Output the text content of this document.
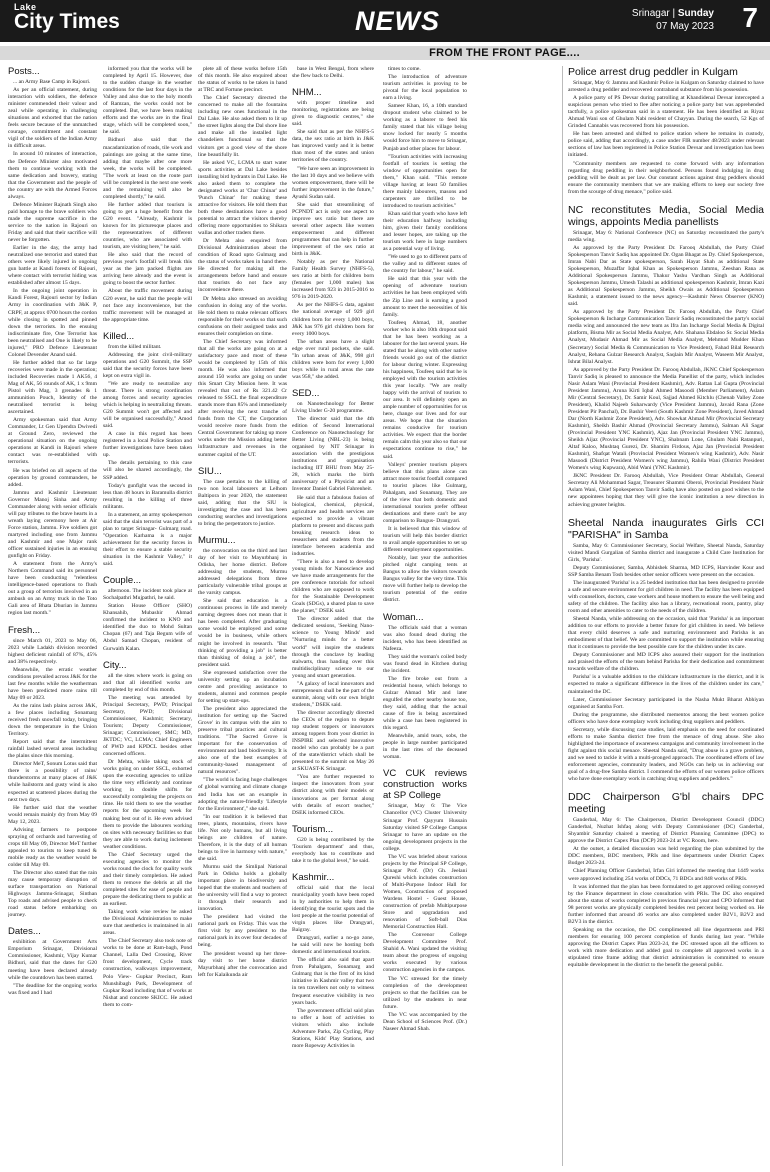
Lake
City Times	NEWS	Srinagar | Sunday
07 May 2023 7
FROM THE FRONT PAGE....
Posts...

... an Army Base Camp in Rajouri.

As per an official statement, during interaction with soldiers, the defence minister commended their valour and zeal while operating in challenging situations and exhorted that the nation feels secure because of the unmatched courage, commitment and constant vigil of the soldiers of the Indian Army in difficult areas.

In around 10 minutes of interaction, the Defence Minister also motivated them to continue working with the same dedication and bravery, stating that the Government and the people of the country are with the Armed Forces always.

Defence Minister Rajnath Singh also paid homage to the brave soldiers who made the supreme sacrifice in the service to the nation in Rajouri on Friday and said that their sacrifice will never be forgotten.

Earlier in the day, the army had neutralized one terrorist and stated that others were likely injured in ongoing gun battle at Kandi forests of Rajouri, where contact with terrorist hiding was established after almost 15 days.

In the ongoing joint operation in Kandi Forest, Rajouri sector by Indian Army in coordination with J&K P, CRPF, at approx 0700 hours the cordon while closing in spotted and pinned down the terrorists. In the ensuing indiscriminate fire, One Terrorist has been neutralised and One is likely to be injured," PRO Defence Lieutenant Colonel Devender Anand said.

He further added that so far large recoveries were made in the operation; included Recoveries made 1 AK56, 4 Mag of AK, 56 rounds of AK, 1 x 9mm Pistol with Mag, 3 grenades & 1 ammunition Pouch, Identity of the neutralised terrorist is being ascertained.

Army spokesman said that Army Commander, Lt Gen Upendra Dwivedi at Ground Zero, reviewed the operational situation on the ongoing operations at Kandi in Rajouri where contact was re-established with terrorists.

He was briefed on all aspects of the operation by ground commanders, he added.

Jammu and Kashmir Lieutenant Governor Manoj Sinha and Army Commander along with senior officials will pay tributes to the brave hearts in a wreath laying ceremony here at Air Force station, Jammu. Five soldiers got martyred including one from Jammu and Kashmir and one Major rank officer sustained injuries in an ensuing gunfight on Friday.

A statement from the Army's Northern Command said its personnel have been conducting "relentless intelligence-based operations to flush out a group of terrorists involved in an ambush on an Army truck in the Toto Gali area of Bhata Dhurian in Jammu region last month."

Fresh...

since March 01, 2023 to May 06, 2023 while Ladakh division recorded highest deficient rainfall of 87%, 45% and 38% respectively.

Meanwhile, the erratic weather conditions prevailed across J&K for the last few months while the weatherman have been predicted more rains till May 09 or 2023.

As the rains lash plains across J&K, a few places including Sonamarg received fresh snowfall today, bringing down the temperature in the Union Territory.

Report said that the intermittent rainfall lashed several areas including the plains since this morning.

Director MeT, Sonum Lotus said that there is a possibility of rains/ thunderstorms at many places of J&K while hailstorm and gusty wind is also expected at scattered places during the next two days.

He further said that the weather would remain mainly dry from May 09 May 12, 2023.

Advising farmers to postpone spraying of orchards and harvesting of crops till May 09, Director MeT further appealed to tourists to keep tuned & mobile ready as the weather would be colder till May 09.

The Director also stated that the rain may cause temporary disruption of surface transportation on National Highways Jammu-Srinagar, Sinthan Top roads and advised people to check road status before embarking on journey.

Dates...

exhibition at Government Arts Emporium Srinagar, Divisional Commissioner, Kashmir, Vijay Kumar Bidhuri, said that the dates for G20 meeting have been declared already while the countdown has been started.

"The deadline for the ongoing works was fixed and I had

informed you that the works will be completed by April 15. However, due to the sudden change in the weather conditions for the last four days in the Valley and also due to the holy month of Ramzan, the works could not be completed. But, we have been making efforts and the works are in the final stage, which will be completed soon," he said.

Bidhuri also said that the macadamization of roads, tile work and paintings are going at the same time, adding that maybe after one more week, the works will be completed. "The work at least on the route part will be completed in the next one week and the remaining will also be completed shortly," he said.

He further added that tourism is going to get a huge benefit from the G20 event. "Already, Kashmir is known for its picturesque places and the representatives of different countries, who are associated with tourism, are visiting here," he said.

He also said that the record of previous year's footfall will break this year as the jam packed flights are arriving here already and the event is going to boost the sector further.

About the traffic movement during G20 event, he said that the people will not face any inconvenience, but the traffic movement will be managed at the appropriate time.

Killed...

from the killed militant.

Addressing the joint civil-military operations and G20 Summit, the SSP said that the security forces have been kept on extra vigil in.

"We are ready to neutralize any threat. There is strong coordination among forces and security agencies which is helping in neutralizing threats. G20 Summit won't get affected and will be organised successfully," Amod said.

A case in this regard has been registered in a local Police Station and further investigations have been taken up.

The details pertaining to this case will also be shared accordingly, the SSP added.

Today's gunfight was the second in less than 48 hours in Baramulla district resulting in the killing of three militants.

In a statement, an army spokesperson said that the slain terrorist was part of a plan to target Srinagar- Gulmarg road. "Operation Karhama is a major achievement for the security forces in their effort to ensure a stable security situation in the Kashmir Valley," it said.

Couple...

afternoon. The incident took place at Sochalpathri Mujpathri, he said.

Station House Officer (SHO) Khansahib, Mubashir Ahmad confirmed the incident to KNO and identified the duo to Mohd Sultan Chopan (67) and Taja Begum wife of Abdul Samad Chopan, resident of Gurwaith Kalan.

City...

all the sites where work is going on and that all identified works are completed by end of this month.

The meeting was attended by Principal Secretary, PWD; Principal Secretary, PWD; Divisional Commissioner, Kashmir; Secretary, Tourism; Deputy Commissioner, Srinagar; Commissioner, SMC; MD, JKTDC; VC, LCMA; Chief Engineers of PWD and KPDCL besides other concerned officers.

Dr Mehta, while taking stock of works going on under SSCL, exhorted upon the executing agencies to utilize the time very efficiently and continue working in double shifts for successfully completing the projects on time. He told them to see the weather reports for the upcoming week for making best out of it. He even advised them to provide the labourers working on sites with necessary facilities so that they are able to work during inclement weather conditions.

The Chief Secretary urged the executing agencies to monitor the works round the clock for quality work and their timely completion. He asked them to remove the debris at all the completed sites for ease of people and prepare the dedicating them to public at an earliest.

Taking work wise review he asked the Divisional Administration to make sure that aesthetics is maintained in all areas.

The Chief Secretary also took note of works to be done at Ram-bagh, Pond Channel, Lalla Ded Crossing, River front development, Cycle track construction, walkways improvement, Polo View- Gupkar Precinct, Ram Munshibagh Park, Development of Gupkar Road including that of works at Nishat and concrete SKICC. He asked them to com-

plete all of these works before 15th of this month. He also enquired about the status of works to be taken in hand at TRC and Fortune precinct.

The Chief Secretary directed the concerned to make all the fountains including new ones functional in the Dal Lake. He also asked them to lit up the street lights along the Dal shore line and make all the installed light chandeliers functional so that the visitors get a good view of the shore line beautifully lit.

He asked VC, LCMA to start water sports activities at Dal Lake besides installing bird hydrants in Dal Lake. He also asked them to complete the designated works at 'Char Chinar' and 'Punch Chinar' for making these attractive for visitors. He told them that both these destinations have a good potential to attract the visitors thereby offering more opportunities to Shikara wallas and other traders there.

Dr Mehta also enquired from Divisional Administration about the condition of Road upto Gulmarg and the status of works taken in hand there. He directed for making all the arrangements before hand and ensure that tourists do not face any inconvenience there.

Dr Mehta also stressed on avoiding confusion in doing any of the works. He told them to make relevant officers responsible for their works so that such confusions on their assigned tasks and ensures their completion on time.

The Chief Secretary was informed that all the works are going on at a satisfactory pace and most of these would be completed by 15th of this month. He was also informed that around 150 works are going on under this Smart City Mission here. It was revealed that out of Rs 321.42 Cr released to SSCL the final expenditure stands more than 85% and immediately after receiving the next tranche of funds from the CT, the Corporation would receive more funds from the Central Government for taking up more works under the Mission adding better infrastructure and revenues in the summer capital of the UT.

SIU...

The case pertains to the killing of two non local labourers at Lelhom Baltipora in year 2020, the statement said, adding that the SIU is investigating the case and has been conducting searches and investigations to bring the perpetrators to justice.

Murmu...

the convocation on the third and last day of her visit to Mayurbhanj in Odisha, her home district. Before addressing the students, Murmu addressed delegations from three particularly vulnerable tribal groups at the varsity campus.

She said that education is a continuous process in life and merely earning degrees does not mean that it has been completed. After graduating some would be employed and some would be in business, while others might be involved in research. "But thinking of providing a job" is better than thinking of doing a job", the president said.

She expressed satisfaction over the university setting up an incubation centre and providing assistance to students, alumni and common people for setting up start-ups.

The president also appreciated the institution for setting up the 'Sacred Grove' in its campus with the aim to preserve tribal practices and cultural traditions. "The Sacred Grove is important for the conservation of environment and land biodiversity. It is also one of the best examples of community-based management of natural resources".

"The world is facing huge challenges of global warming and climate change and India has set an example in adopting the nature-friendly 'Lifestyle for the Environment'," she said.

"In our tradition it is believed that trees, plants, mountains, rivers have life. Not only humans, but all living beings are children of nature. Therefore, it is the duty of all human beings to live in harmony with nature," she said.

Murmu said the Simlipal National Park in Odisha holds a globally important place in biodiversity and hoped that the students and teachers of the university will find a way to protect it through their research and innovation.

The president had visited the national park on Friday. This was the first visit by any president to the national park in its over four decades of being.

The president wound up her three-day visit to her home district Mayurbhanj after the convocation and left for Kalaikunda air

base in West Bengal, from where she flew back to Delhi.

NHM...

with proper timeline and monitoring, registrations are being given to diagnostic centres," she said.

She said that as per the NHFS-5 data, the sex ratio at birth in J&K has improved vastly and it is better than most of the states and union territories of the country.

"We have seen an improvement in the last 10 days and we believe with women empowerment, there will be further improvement in the future," Ayushi Sudan said.

She said that streamlining of PCPNDT act is only one aspect to improve sex ratio but there are several other aspects like women empowerment and different programmes that can help in further improvement of the sex ratio at birth in J&K.

Notably as per the National Family Health Survey (NHFS-5), sex ratio at birth for children born (females per 1,000 males) has increased from 923 in 2015-2016 to 976 in 2019-2020.

As per the NHFS-5 data, against the national average of 929 girl children born for every 1,000 boys, J&K has 976 girl children born for every 1000 boys.

The urban areas have a slight edge over rural pockets, she said. "In urban areas of J&K, 998 girl children were born for every 1,000 boys while in rural areas the rate was 958," she added.

SED...

on Nanotechnology for Better Living Under G-20 programme.

The director said that the 4th edition of Second International Conference on Nanotechnology for Better Living (NBL-23) is being organised by NIT Srinagar in association with the prestigious institutions and organisation including IIT BHU from May 25-28, which marks the birth anniversary of a Physicist and an Inventor Daniel Gabriel Fahrenheit.

He said that a fabulous fusion of biological, chemical, physical, agriculture and health services are expected to provide a vibrant platform to present and discuss path breaking research ideas to researchers and students from the interface between academia and industries.

"There is also a need to develop young minds for Nanoscience and we have made arrangements for the pre conference tutorials for school children who are supposed to work for the Sustainable Development Goals (SDGs), a shared plan to save the planet," DSEK said.

The director added that the dedicated sessions, 'Seeking Nano-science to Young Minds' and "Nurturing minds for a better world" will inspire the students through the conclave by leading stalwarts, thus handing over this multidisciplinary science to our young and smart generation.

"A galaxy of local innovators and entrepreneurs shall be the part of the summit, along with our own bright students," DSEK said.

The director accordingly directed the CEOs of the region to depute top student toppers or innovators among toppers from your district in INSPIRE and selected innovative model who can probably be a part of the state/district which shall be presented to the summit on May 26 at SKUAST-K Srinagar.

"You are further requested to inspect the innovators from your district along with their models or innovations as per format along with details of escort teacher," DSEK informed CEOs.

Tourism...

G20 is being contributed by the 'Tourism department' and thus, everybody has to contribute and take it to the global level," he said.

Kashmir...

official said that the local municipality youth have been roped in by authorities to help them in identifying the tourist spots and the lost people at the tourist potential of virgin places like Drangyari, Baigray.

Drangyari, earlier a no-go zone, he said will now be hosting both domestic and international tourists.

The official also said that apart from Pahalgam, Sonamarg and Gulmarg that is the first of its kind initiative in Kashmir valley that two in ten travellers not only to witness frequent executive visibility in two years back.

The government official said plan to offer a host of activities to visitors which also include Adventure Parks, Zip Cycling, Play Stations, Kids' Play Stations, and more Ropeway Activities in

times to come.

The introduction of adventure tourism activities is proving to be pivotal for the local population to earn a living.

Sameer Khan, 16, a 10th standard dropout student who claimed to be working as a laborer to feed his family stated that his village being snow locked for nearly 5 months would force him to move to Srinagar, Punjab and other places for labour.

"Tourism activities with increasing footfall of tourists is setting the window of opportunities open for them," Khan said. "This remote village having at least 50 families there mainly labourers, masons and carpenters are thrilled to be introduced to tourism activities."

Khan said that youth who have left their education halfway including him, given their family conditions and lesser hopes, are taking up the tourism work here in large numbers as a potential way of living.

"We used to go to different parts of the valley and to different states of the country for labour," he said.

He said that this year with the opening of adventure tourism activities he has been employed with the Zip Line and is earning a good amount to meet the necessities of his family.

Toufeeq Ahmad, 18, another worker who is also 10th dropout said that he has been working as a labourer for the last several years. He stated that he along with other native friends would go out of the district for labour during winter. Expressing his happiness, Toufeeq said that he is employed with the tourism activities this year locally. "We are really happy with the arrival of tourists to our area. It will definitely open an ample number of opportunities for us here, change our lives and for our areas. We hope that the situation remains conducive for tourism activities. We expect that the border remain calm this year also so that our expectations continue to rise," he said.

Valleys' premier tourism players believe that this plans alone can attract more tourist footfall compared to tourist places like Gulmarg, Pahalgam, and Sonamarg. They are of the view that both domestic and international tourists prefer offbeat destinations and there can't be any comparison to Bangus- Drangyari.

It is believed that this window of tourism will help this border district to avail ample opportunities to set up different employment opportunities.

Notably, last year the authorities pitched night camping tents at Bangus to allow the visitors towards Bangus valley for the very time. This move will further help to develop the tourism potential of the entire district.

Woman...

The officials said that a woman was also found dead during the incident, who has been identified as Nafeeza.

They said the woman's coiled body was found dead in Kitchen during the incident.

The fire broke out from a residential house, which belongs to Gulzar Ahmad Mir and later engulfed the other nearby house too, they said, adding that the actual cause of fire is being ascertained while a case has been registered in this regard.

Meanwhile, amid tears, sobs, the people in large number participated in the last rites of the deceased woman.

VC CUK reviews construction works at SP College

Srinagar, May 6: The Vice Chancellor (VC) Cluster University Srinagar Prof. Qayyum Hussain Saturday visited SP College Campus Srinagar to have an update on the ongoing development projects in the college.

The VC was briefed about various projects by the Principal SP College, Srinagar Prof. (Dr) Gh. Jeelani Qureshi which includes construction of Multi-Purpose Indoor Hall for Women, Construction of proposed Wardens Hostel - Guest House, construction of prefab Multipurpose Store and upgradation and renovation of Soft-ball Dias Memorial Construction Hall.

The Convenor College Development Committee Prof. Shahid A. Wani updated the visiting team about the progress of ongoing works executed by various construction agencies in the campus.

The VC stressed for the timely completion of the development projects so that the facilities can be utilized by the students in near future.

The VC was accompanied by the Dean School of Sciences Prof. (Dr.) Naseer Ahmad Shah.

Police arrest drug peddler in Kulgam

Srinagar, May 6: Jammu and Kashmir Police in Kulgam on Saturday claimed to have arrested a drug peddler and recovered contraband substance from his possession.

A police party of PS Devsar during patrolling at Khandidenal Devsar intercepted a suspicious person who tried to flee after noticing a police party but was apprehended tactfully, a police spokesman said in a statement. He has been identified as Riyaz Ahmad Wani son of Ghulam Nabi resident of Chayyan. During the search, 52 Kgs of Grinded Cannabis was recovered from his possession.

He has been arrested and shifted to police station where he remains in custody, police said, adding that accordingly, a case under FIR number 48/2023 under relevant sections of law has been registered in Police Station Devsar and investigation has been initiated.

"Community members are requested to come forward with any information regarding drug peddling in their neighborhood. Persons found indulging in drug peddling will be dealt as per law. Our constant actions against drug peddlers should ensure the community members that we are making efforts to keep our society free from the scourge of drug menace," police said.

NC reconstitutes Media, Social Media wings, appoints Media panellists

Srinagar, May 6: National Conference (NC) on Saturday reconstituted the party's media wing.

As approved by the Party President Dr. Farooq Abdullah, the Party Chief Spokesperson Tanvir Sadiq has appointed Dr. Ogan Bhagat as Dy. Chief Spokesperson, Imran Nabi Dar as State spokesperson, Sarah Hayat Shah as additional State Spokesperson, Muzaffar Iqbal Khan as Spokesperson Jammu, Zeeshan Rana as Additional Spokesperson Jammu, Thakur Yashu Vardhan Singh as Additional Spokesperson Jammu, Umesh Talashi as additional spokesperson Kashmir, Imran Kazi as Additional Spokesperson Jammu, Sheikh Owais as Additional Spokesperson Kashmir, a statement issued to the news agency—Kashmir News Observer (KNO) said.

As approved by the Party President Dr. Farooq Abdullah, the Party Chief Spokesperson & Incharge Communication Tanvir Sadiq reconstituted the party's social media wing and announced the new team as Ifra Jan Incharge Social Media & Digital platform, Bisma Mir as Social Media Analyst, Adv. Shahana Ebdaloo Sr. Social Media Analyst, Mudasir Ahmad Mir as Social Media Analyst, Mehmud Mudder Khan (Secretary) Social Media & Communication to Vice President), Fahad Bilal Research Analyst, Rehana Gulzar Research Analyst, Saqlain Mir Analyst, Waseem Mir Analyst, Ishrat Bilal Analyst.

As approved by the Party President Dr. Farooq Abdullah, JKNC Chief Spokesperson Tanvir Sadiq is pleased to announce the Media Panellist of the party, which includes Nasir Aslam Wani (Provincial President Kashmir), Adv. Rattan Lal Gupta (Provincial President Jammu), Aruna Kirti Iqbal Ahmed Masoodi (Member Parliament), Aslam Mir (Central Secretary), Dr. Samir Koul, Sajjad Ahmed Kitchlu (Chenab Valley Zone President), Khalid Najeeb Suharwardy (Vice President Jammu), Javaid Rana (Zone President Pir Panchal), Dr. Bashir Veeri (South Kashmir Zone President), Javed Ahmad Dar (North Kashmir Zone President), Adv. Showkat Ahmad Mir (Provincial Secretary Kashmir), Sheikh Bashir Ahmad (Provincial Secretary Jammu), Salman Ali Sagar (Provincial President YNC Kashmir), Ajaz Jan (Provincial President YNC Jammu), Sheikh Aijaz (Provincial President YNC), Shabnam Lone, Ghulam Nabi Ratanpuri, Altaf Kaloo, Mushtaq Gurezi, Dr. Shamim Firdous, Ajaz Jan (Provincial President Kashmir), Shafqat Watali (Provincial President Women's wing Kashmir), Adv. Nasir Masoodi (District President Women's wing Jammu), Rahila Wani (District President Women's wing Kupwara), Abid Wani (YNC Kashmir).

JKNC President Dr. Farooq Abdullah, Vice President Omar Abdullah, General Secretary Ali Mohammad Sagar, Treasurer Shammi Oberoi, Provincial President Nasir Aslam Wani, Chief Spokesperson Tanvir Sadiq have also posted on good wishes to the new appointees hoping that they will give the iconic institution a new direction in achieving greater heights.

Sheetal Nanda inaugurates Girls CCI "PARISHA" in Samba

Samba, May 6: Commissioner Secretary, Social Welfare, Sheetal Nanda, Saturday visited Mandi Gurgalian of Samba district and inaugurate a Child Care Institution for Girls, 'Parisha'.

Deputy Commissioner, Samba, Abhishek Sharma, MD ICPS, Harvinder Kour and SSP Samba Benam Tosh besides other senior officers were present on the occasion.

The inaugurated 'Parisha' is a 25 bedded institution that has been designed to provide a safe and secure environment for girl children in need. The facility has been equipped with counsellors, doctors, case workers and house mothers to ensure the well being and safety of the children. The facility also has a library, recreational room, pantry, play room and other amenities to cater to the needs of the children.

Sheetal Nanda, while addressing on the occasion, said that 'Parisha' is an important addition to our efforts to provide a better future for girl children in need. We believe that every child deserves a safe and nurturing environment and Parisha is an embodiment of that belief. We are committed to support the institution while ensuring that it continues to provide the best possible care for the children under its care.

Deputy Commissioner and MD ICPS also assured their support for the institution and praised the efforts of the team behind Parisha for their dedication and commitment towards welfare of the children.

Parisha' is a valuable addition to the childcare infrastructure in the district, and it is expected to make a significant difference in the lives of the children under its care," maintained the DC.

Later, Commissioner Secretary participated in the Nasha Mukt Bharat Abhiyan organised at Samba Fort.

During the programme, she distributed mementos among the best women police officers who have done exemplary work including drug suppliers and peddlers.

Secretary, while discussing case studies, laid emphasis on the need for coordinated efforts to make Samba district free from the menace of drug abuse. She also highlighted the importance of awareness campaigns and community involvement in the fight against this social menace. Sheetal Nanda said, "Drug abuse is a grave problem, and we need to tackle it with a multi-pronged approach. The coordinated efforts of law enforcement agencies, community leaders, and NGOs can help us in achieving our goal of a drug-free Samba district. I commend the efforts of our women police officers who have done exemplary work in catching drug suppliers and peddlers."

DDC Chairperson G'bl chairs DPC meeting

Ganderbal, May 6: The Chairperson, District Development Council (DDC) Ganderbal, Nuzhat Ishfaq along with Deputy Commissioner (DC) Ganderbal, Shyambir Saturday chaired a meeting of District Planning Committee (DPC) to approve the District Capex Plan (DCP) 2023-24 at VC Room, here.

At the outset, a detailed discussion was held regarding the plan submitted by the DDC members, BDC members, PRIs and line departments under District Capex Budget 2023-24.

Chief Planning Officer Ganderbal, Irfan Giri informed the meeting that 1449 works were approved including 254 works of DDCs, 71 BDCs and 848 works of PRIs.

It was informed that the plan has been formulated to get approved ceiling conveyed by the Finance department in close consultation with PRIs. The DC also enquired about the status of works completed in previous financial year and CPO informed that 98 percent works are physically completed besides rest percent being worked on. He further informed that around 46 works are also completed under B2V1, B2V2 and B2V3 in the district.

Speaking on the occasion, the DC complimented all line departments and PRI members for ensuring 100 percent completion of funds during last year. "While approving the District Capex Plan 2023-24, the DC stressed upon all the officers to work with more dedication and added goal to complete all approved works in a stipulated time frame adding that district administration is committed to ensure equitable development in the district to the benefit the general public.
